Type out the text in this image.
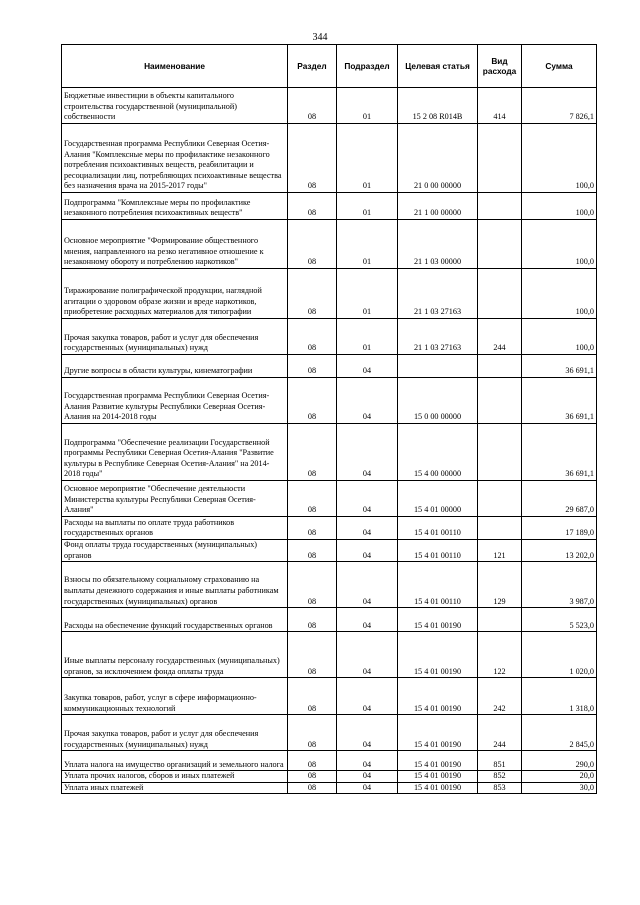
344
Наименование	Раздел	Подраздел	Целевая статья	Вид расхода	Сумма
Бюджетные инвестиции в объекты капитального строительства государственной (муниципальной) собственности	08	01	15 2 08 R014В	414	7 826,1
Государственная программа Республики Северная Осетия-Алания "Комплексные меры по профилактике незаконного потребления психоактивных веществ, реабилитации и ресоциализации лиц, потребляющих психоактивные вещества без назначения врача на 2015-2017 годы"	08	01	21 0 00 00000		100,0
Подпрограмма "Комплексные меры по профилактике незаконного потребления психоактивных веществ"	08	01	21 1 00 00000		100,0
Основное мероприятие "Формирование общественного мнения, направленного на резко негативное отношение к незаконному обороту и потреблению наркотиков"	08	01	21 1 03 00000		100,0
Тиражирование полиграфической продукции, наглядной агитации о здоровом образе жизни и вреде наркотиков, приобретение расходных материалов для типографии	08	01	21 1 03 27163		100,0
Прочая закупка товаров, работ и услуг для обеспечения государственных (муниципальных) нужд	08	01	21 1 03 27163	244	100,0
Другие вопросы в области культуры, кинематографии	08	04			36 691,1
Государственная программа Республики Северная Осетия-Алания Развитие культуры Республики Северная Осетия-Алания на 2014-2018 годы	08	04	15 0 00 00000		36 691,1
Подпрограмма "Обеспечение реализации Государственной программы Республики Северная Осетия-Алания "Развитие культуры в Республике Северная Осетия-Алания" на 2014-2018 годы"	08	04	15 4 00 00000		36 691,1
Основное мероприятие "Обеспечение деятельности Министерства культуры Республики Северная Осетия-Алания"	08	04	15 4 01 00000		29 687,0
Расходы на выплаты по оплате труда работников государственных органов	08	04	15 4 01 00110		17 189,0
Фонд оплаты труда государственных (муниципальных) органов	08	04	15 4 01 00110	121	13 202,0
Взносы по обязательному социальному страхованию на выплаты денежного содержания и иные выплаты работникам государственных (муниципальных) органов	08	04	15 4 01 00110	129	3 987,0
Расходы на обеспечение функций государственных органов	08	04	15 4 01 00190		5 523,0
Иные выплаты персоналу государственных (муниципальных) органов, за исключением фонда оплаты труда	08	04	15 4 01 00190	122	1 020,0
Закупка товаров, работ, услуг в сфере информационно-коммуникационных технологий	08	04	15 4 01 00190	242	1 318,0
Прочая закупка товаров, работ и услуг для обеспечения государственных (муниципальных) нужд	08	04	15 4 01 00190	244	2 845,0
Уплата налога на имущество организаций и земельного налога	08	04	15 4 01 00190	851	290,0
Уплата прочих налогов, сборов и иных платежей	08	04	15 4 01 00190	852	20,0
Уплата иных платежей	08	04	15 4 01 00190	853	30,0
